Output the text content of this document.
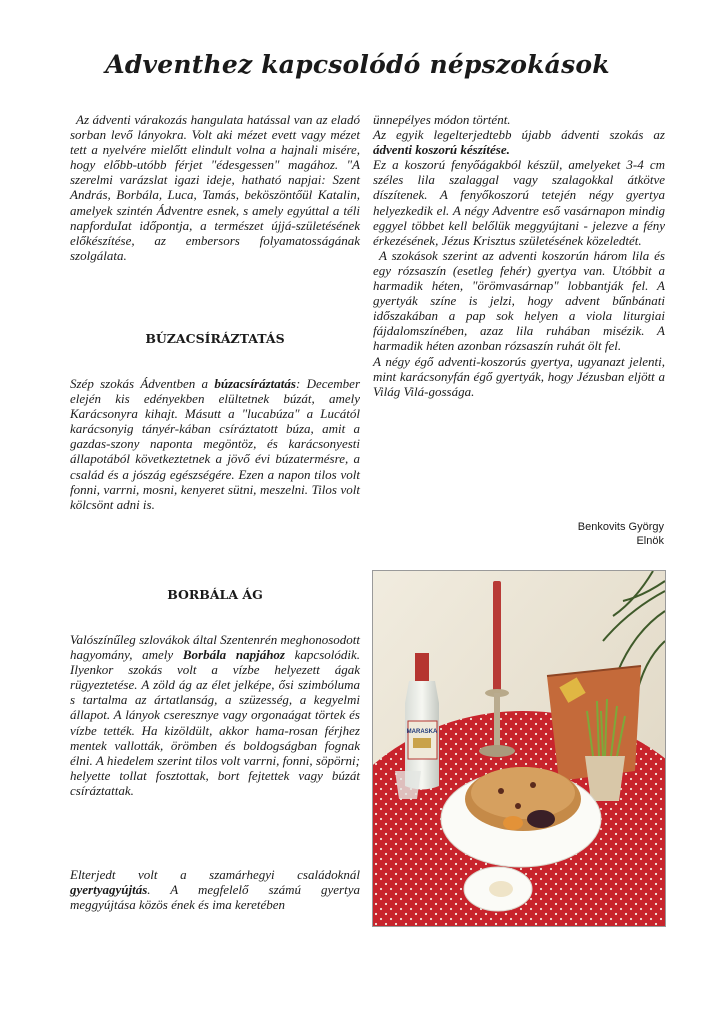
Adventhez kapcsolódó népszokások

Az ádventi várakozás hangulata hatással van az eladó sorban levő lányokra. Volt aki mézet evett vagy mézet tett a nyelvére mielőtt elindult volna a hajnali misére, hogy előbb-utóbb férjet "édesgessen" magához. "A szerelmi varázslat igazi ideje, hatható napjai: Szent András, Borbála, Luca, Tamás, beköszöntőül Katalin, amelyek szintén Ádventre esnek, s amely egyúttal a téli napforduIat időpontja, a természet újjá-születésének előkészítése, az embersors folyamatosságának szolgálata.

BÚZACSÍRÁZTATÁS

Szép szokás Ádventben a búzacsíráztatás: December elején kis edényekben elültetnek búzát, amely Karácsonyra kihajt. Másutt a "lucabúza" a Lucától karácsonyig tányér-kában csíráztatott búza, amit a gazdas-szony naponta megöntöz, és karácsonyesti állapotából következtetnek a jövő évi búzatermésre, a család és a jószág egészségére. Ezen a napon tilos volt fonni, varrni, mosni, kenyeret sütni, meszelni. Tilos volt kölcsönt adni is.

BORBÁLA ÁG

Valószínűleg szlovákok által Szentenrén meghonosodott hagyomány, amely Borbála napjához kapcsolódik. Ilyenkor szokás volt a vízbe helyezett ágak rügyeztetése. A zöld ág az élet jelképe, ősi szimbóluma s tartalma az ártatlanság, a szüzesség, a kegyelmi állapot. A lányok cseresznye vagy orgonaágat törtek és vízbe tették. Ha kizöldült, akkor hama-rosan férjhez mentek vallották, örömben és boldogságban fognak élni. A hiedelem szerint tilos volt varrni, fonni, söpörni; helyette tollat fosztottak, bort fejtettek vagy búzát csíráztattak.

Elterjedt volt a szamárhegyi családoknál gyertyagyújtás. A megfelelő számú gyertya meggyújtása közös ének és ima keretében

ünnepélyes módon történt.

Az egyik legelterjedtebb újabb ádventi szokás az ádventi koszorú készítése.

Ez a koszorú fenyőágakból készül, amelyeket 3-4 cm széles lila szalaggal vagy szalagokkal átkötve díszítenek. A fenyőkoszorú tetején négy gyertya helyezkedik el. A négy Adventre eső vasárnapon mindig eggyel többet kell belőlük meggyújtani - jelezve a fény érkezésének, Jézus Krisztus születésének közeledtét.

A szokások szerint az adventi koszorún három lila és egy rózsaszín (esetleg fehér) gyertya van. Utóbbit a harmadik héten, "örömvasárnap" lobbantják fel. A gyertyák színe is jelzi, hogy advent bűnbánati időszakában a pap sok helyen a viola liturgiai fájdalomszínében, azaz lila ruhában misézik. A harmadik héten azonban rózsaszín ruhát ölt fel.

A négy égő adventi-koszorús gyertya, ugyanazt jelenti, mint karácsonyfán égő gyertyák, hogy Jézusban eljött a Világ Vilá-gossága.

Benkovits György
Elnök
MARASKA
